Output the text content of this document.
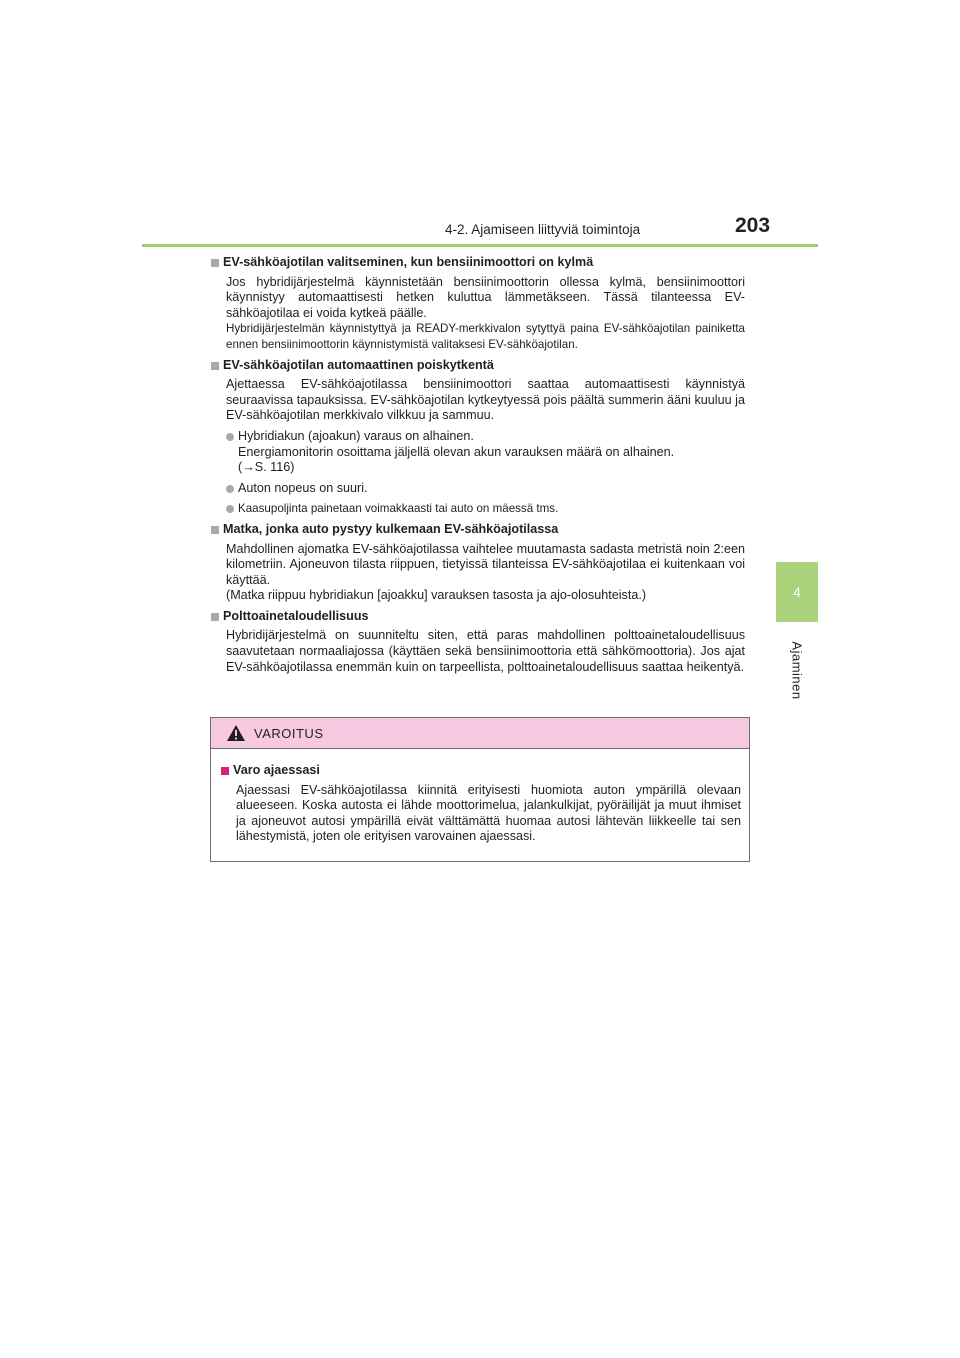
4-2. Ajamiseen liittyviä toimintoja	203
4
Ajaminen
EV-sähköajotilan valitseminen, kun bensiinimoottori on kylmä
Jos hybridijärjestelmä käynnistetään bensiinimoottorin ollessa kylmä, bensiinimoottori käynnistyy automaattisesti hetken kuluttua lämmetäkseen. Tässä tilanteessa EV-sähköajotilaa ei voida kytkeä päälle.
Hybridijärjestelmän käynnistyttyä ja READY-merkkivalon sytyttyä paina EV-sähköajotilan painiketta ennen bensiinimoottorin käynnistymistä valitaksesi EV-sähköajotilan.
EV-sähköajotilan automaattinen poiskytkentä
Ajettaessa EV-sähköajotilassa bensiinimoottori saattaa automaattisesti käynnistyä seuraavissa tapauksissa. EV-sähköajotilan kytkeytyessä pois päältä summerin ääni kuuluu ja EV-sähköajotilan merkkivalo vilkkuu ja sammuu.
Hybridiakun (ajoakun) varaus on alhainen.
Energiamonitorin osoittama jäljellä olevan akun varauksen määrä on alhainen.
(→S. 116)
Auton nopeus on suuri.
Kaasupoljinta painetaan voimakkaasti tai auto on mäessä tms.
Matka, jonka auto pystyy kulkemaan EV-sähköajotilassa
Mahdollinen ajomatka EV-sähköajotilassa vaihtelee muutamasta sadasta metristä noin 2:een kilometriin. Ajoneuvon tilasta riippuen, tietyissä tilanteissa EV-sähköajotilaa ei kuitenkaan voi käyttää.
(Matka riippuu hybridiakun [ajoakku] varauksen tasosta ja ajo-olosuhteista.)
Polttoainetaloudellisuus
Hybridijärjestelmä on suunniteltu siten, että paras mahdollinen polttoainetaloudellisuus saavutetaan normaaliajossa (käyttäen sekä bensiinimoottoria että sähkömoottoria). Jos ajat EV-sähköajotilassa enemmän kuin on tarpeellista, polttoainetaloudellisuus saattaa heikentyä.
VAROITUS
Varo ajaessasi
Ajaessasi EV-sähköajotilassa kiinnitä erityisesti huomiota auton ympärillä olevaan alueeseen. Koska autosta ei lähde moottorimelua, jalankulkijat, pyöräilijät ja muut ihmiset ja ajoneuvot autosi ympärillä eivät välttämättä huomaa autosi lähtevän liikkeelle tai sen lähestymistä, joten ole erityisen varovainen ajaessasi.
